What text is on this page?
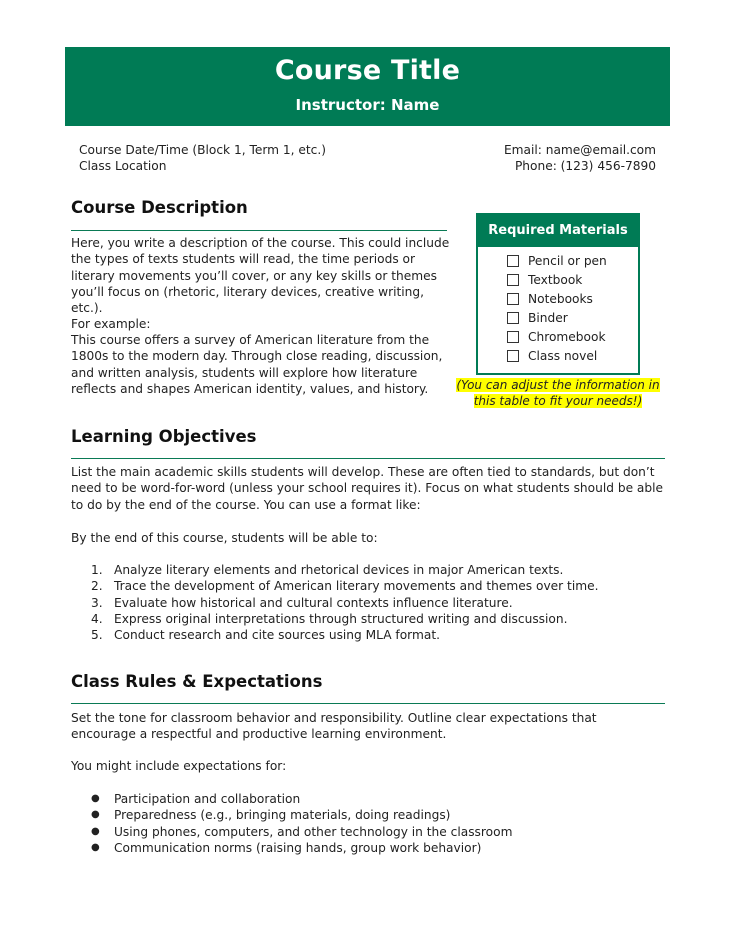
Course Title
Instructor: Name
Course Date/Time (Block 1, Term 1, etc.)
Class Location
Email: name@email.com
Phone: (123) 456-7890
Course Description

Here, you write a description of the course. This could include the types of texts students will read, the time periods or literary movements you’ll cover, or any key skills or themes you’ll focus on (rhetoric, literary devices, creative writing, etc.).

For example:

This course offers a survey of American literature from the 1800s to the modern day. Through close reading, discussion, and written analysis, students will explore how literature reflects and shapes American identity, values, and history.

Required Materials
Pencil or pen
Textbook
Notebooks
Binder
Chromebook
Class novel
(You can adjust the information in this table to fit your needs!)
Learning Objectives

List the main academic skills students will develop. These are often tied to standards, but don’t need to be word-for-word (unless your school requires it). Focus on what students should be able to do by the end of the course. You can use a format like:

By the end of this course, students will be able to:

1. Analyze literary elements and rhetorical devices in major American texts.
2. Trace the development of American literary movements and themes over time.
3. Evaluate how historical and cultural contexts influence literature.
4. Express original interpretations through structured writing and discussion.
5. Conduct research and cite sources using MLA format.
Class Rules & Expectations

Set the tone for classroom behavior and responsibility. Outline clear expectations that encourage a respectful and productive learning environment.

You might include expectations for:

●	Participation and collaboration
●	Preparedness (e.g., bringing materials, doing readings)
●	Using phones, computers, and other technology in the classroom
●	Communication norms (raising hands, group work behavior)
